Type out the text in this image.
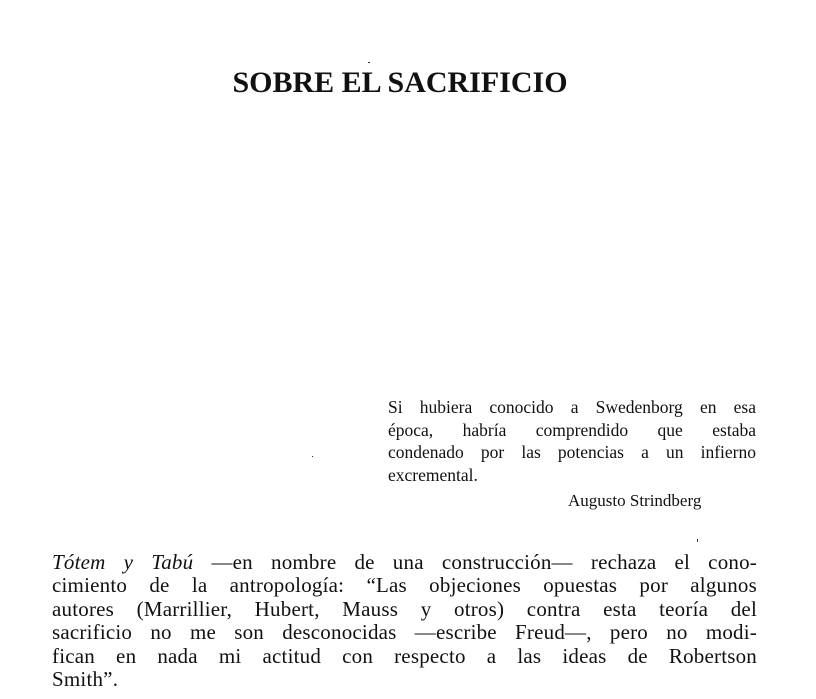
SOBRE EL SACRIFICIO
Si hubiera conocido a Swedenborg en esa
época, habría comprendido que estaba
condenado por las potencias a un infierno
excremental.
Augusto Strindberg
Tótem y Tabú —en nombre de una construcción— rechaza el cono-
cimiento de la antropología: “Las objeciones opuestas por algunos
autores (Marrillier, Hubert, Mauss y otros) contra esta teoría del
sacrificio no me son desconocidas —escribe Freud—, pero no modi-
fican en nada mi actitud con respecto a las ideas de Robertson
Smith”.
